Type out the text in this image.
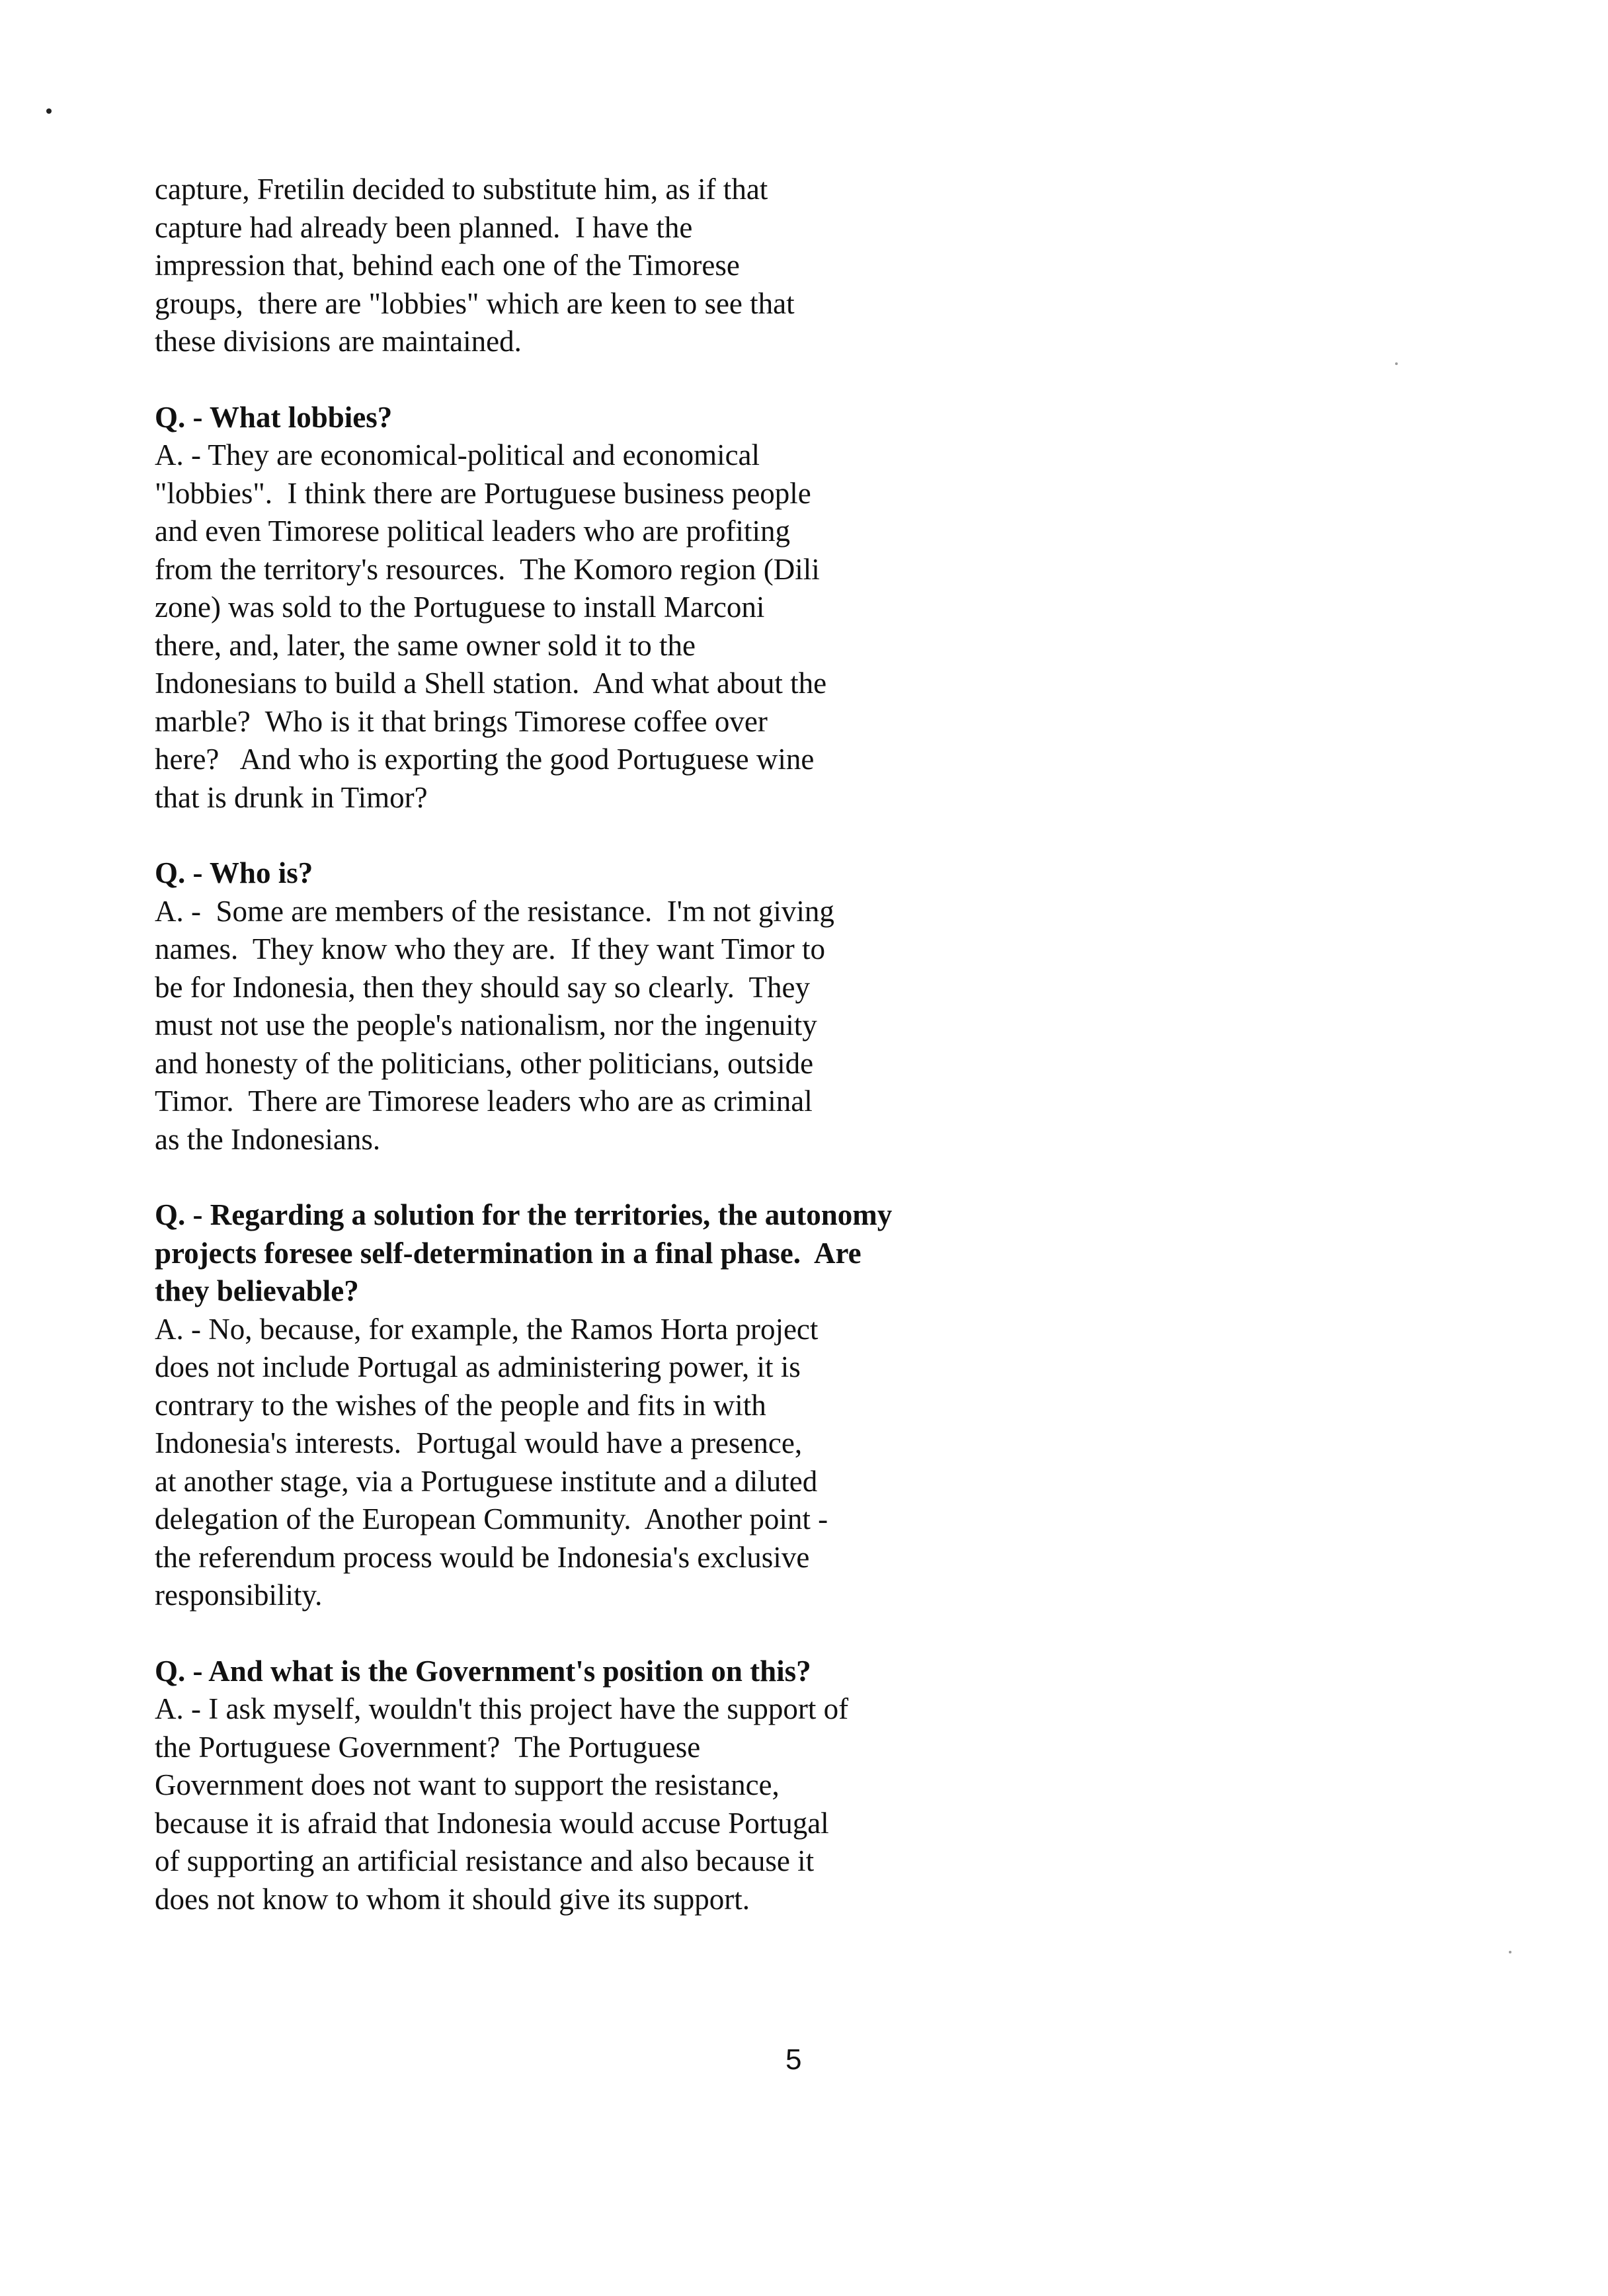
capture, Fretilin decided to substitute him, as if that
capture had already been planned.  I have the
impression that, behind each one of the Timorese
groups,  there are "lobbies" which are keen to see that
these divisions are maintained.
Q. - What lobbies?
A. - They are economical-political and economical
"lobbies".  I think there are Portuguese business people
and even Timorese political leaders who are profiting
from the territory's resources.  The Komoro region (Dili
zone) was sold to the Portuguese to install Marconi
there, and, later, the same owner sold it to the
Indonesians to build a Shell station.  And what about the
marble?  Who is it that brings Timorese coffee over
here?   And who is exporting the good Portuguese wine
that is drunk in Timor?
Q. - Who is?
A. -  Some are members of the resistance.  I'm not giving
names.  They know who they are.  If they want Timor to
be for Indonesia, then they should say so clearly.  They
must not use the people's nationalism, nor the ingenuity
and honesty of the politicians, other politicians, outside
Timor.  There are Timorese leaders who are as criminal
as the Indonesians.
Q. - Regarding a solution for the territories, the autonomy
projects foresee self-determination in a final phase.  Are
they believable?
A. - No, because, for example, the Ramos Horta project
does not include Portugal as administering power, it is
contrary to the wishes of the people and fits in with
Indonesia's interests.  Portugal would have a presence,
at another stage, via a Portuguese institute and a diluted
delegation of the European Community.  Another point -
the referendum process would be Indonesia's exclusive
responsibility.
Q. - And what is the Government's position on this?
A. - I ask myself, wouldn't this project have the support of
the Portuguese Government?  The Portuguese
Government does not want to support the resistance,
because it is afraid that Indonesia would accuse Portugal
of supporting an artificial resistance and also because it
does not know to whom it should give its support.
5
